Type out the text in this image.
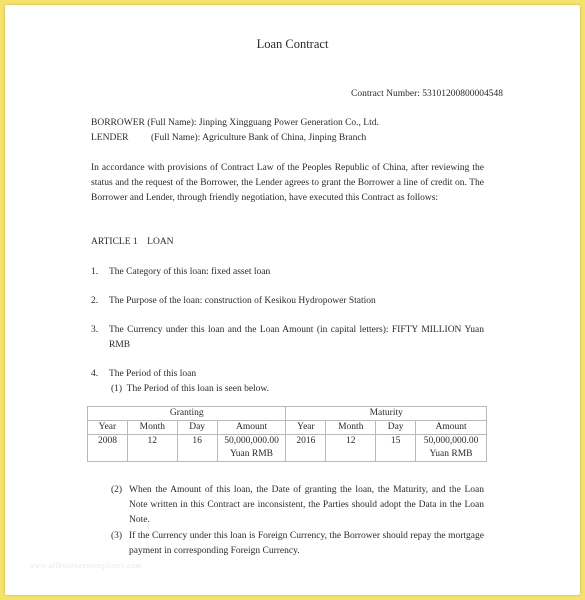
Loan Contract
Contract Number: 53101200800004548
BORROWER (Full Name): Jinping Xingguang Power Generation Co., Ltd.
LENDER (Full Name): Agriculture Bank of China, Jinping Branch
In accordance with provisions of Contract Law of the Peoples Republic of China, after reviewing the status and the request of the Borrower, the Lender agrees to grant the Borrower a line of credit on. The Borrower and Lender, through friendly negotiation, have executed this Contract as follows:
ARTICLE 1    LOAN
1. The Category of this loan: fixed asset loan
2. The Purpose of the loan: construction of Kesikou Hydropower Station
3. The Currency under this loan and the Loan Amount (in capital letters): FIFTY MILLION Yuan RMB
4. The Period of this loan
(1)  The Period of this loan is seen below.
Granting				Maturity			
Year	Month	Day	Amount	Year	Month	Day	Amount
2008	12	16	50,000,000.00 Yuan RMB	2016	12	15	50,000,000.00 Yuan RMB
(2) When the Amount of this loan, the Date of granting the loan, the Maturity, and the Loan Note written in this Contract are inconsistent, the Parties should adopt the Data in the Loan Note.
(3) If the Currency under this loan is Foreign Currency, the Borrower should repay the mortgage payment in corresponding Foreign Currency.
www.allbusinesstemplates.com
